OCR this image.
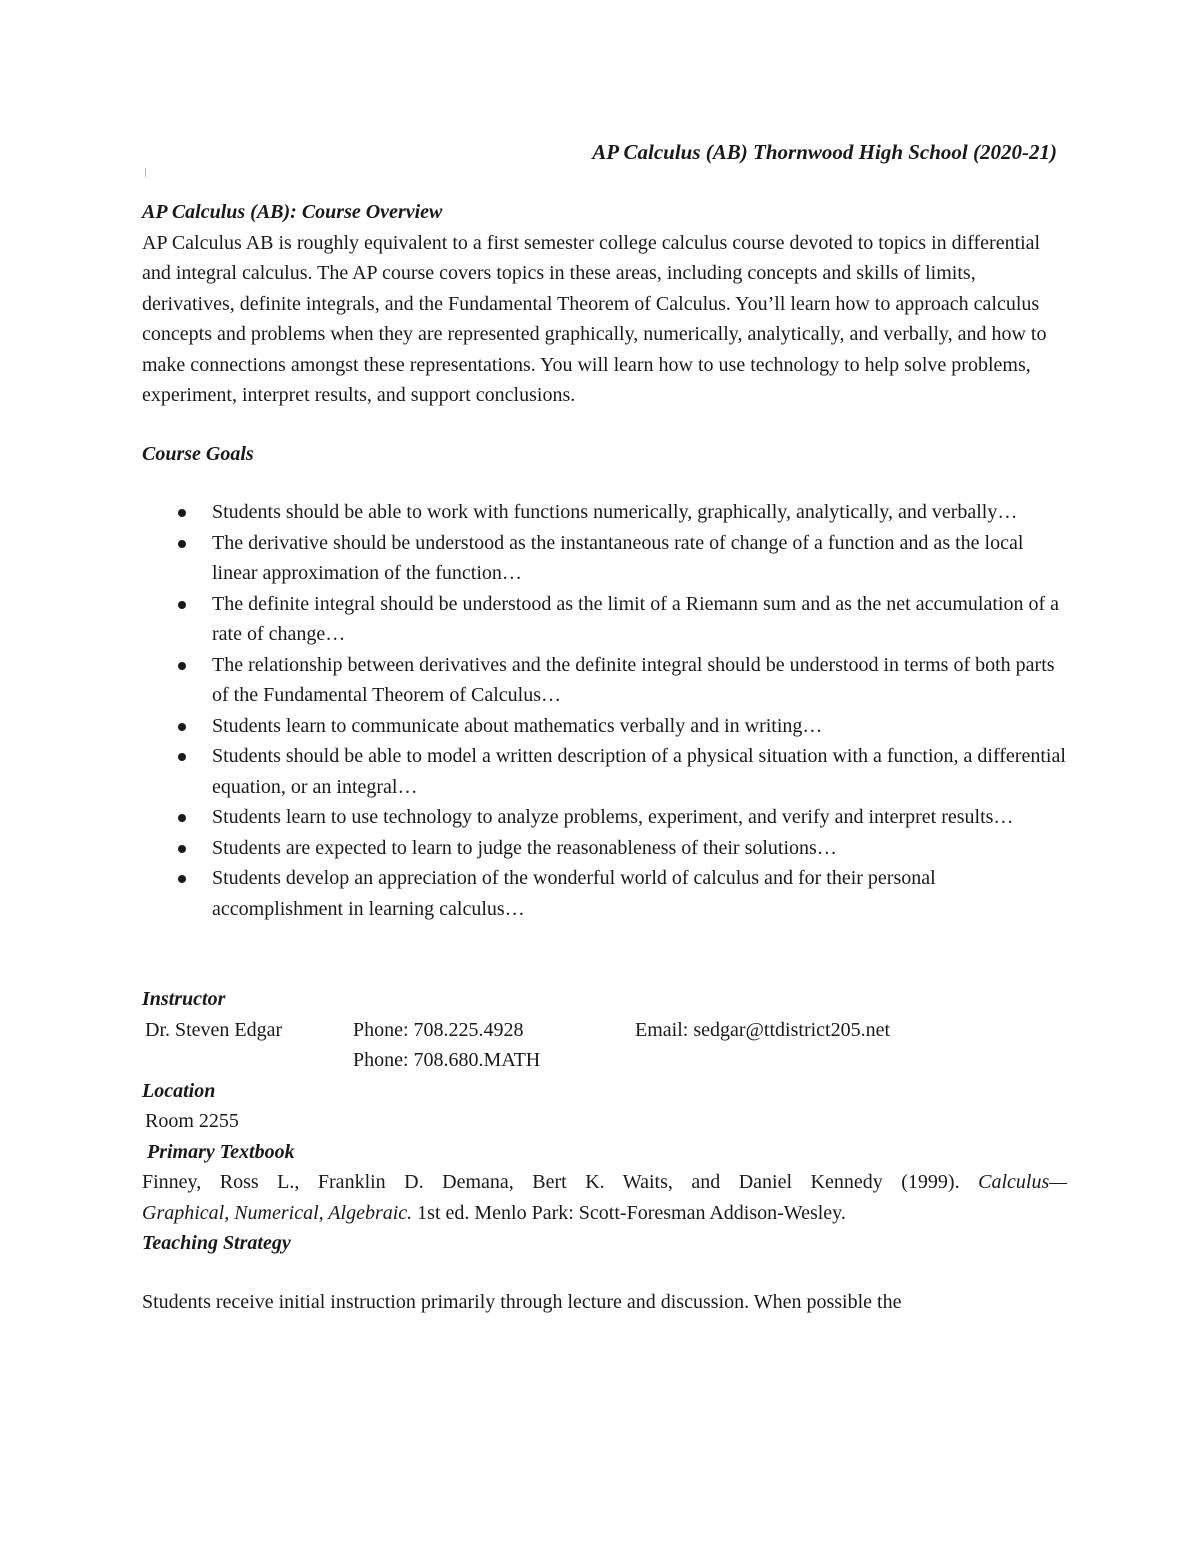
AP Calculus (AB) Thornwood High School (2020-21)

AP Calculus (AB): Course Overview

AP Calculus AB is roughly equivalent to a first semester college calculus course devoted to topics in differential and integral calculus. The AP course covers topics in these areas, including concepts and skills of limits, derivatives, definite integrals, and the Fundamental Theorem of Calculus. You’ll learn how to approach calculus concepts and problems when they are represented graphically, numerically, analytically, and verbally, and how to make connections amongst these representations. You will learn how to use technology to help solve problems, experiment, interpret results, and support conclusions.

Course Goals

Students should be able to work with functions numerically, graphically, analytically, and verbally…
The derivative should be understood as the instantaneous rate of change of a function and as the local linear approximation of the function…
The definite integral should be understood as the limit of a Riemann sum and as the net accumulation of a rate of change…
The relationship between derivatives and the definite integral should be understood in terms of both parts of the Fundamental Theorem of Calculus…
Students learn to communicate about mathematics verbally and in writing…
Students should be able to model a written description of a physical situation with a function, a differential equation, or an integral…
Students learn to use technology to analyze problems, experiment, and verify and interpret results…
Students are expected to learn to judge the reasonableness of their solutions…
Students develop an appreciation of the wonderful world of calculus and for their personal accomplishment in learning calculus…

Instructor

Dr. Steven Edgar	Phone: 708.225.4928	Email: sedgar@ttdistrict205.net
Phone: 708.680.MATH

Location

Room 2255

Primary Textbook

Finney, Ross L., Franklin D. Demana, Bert K. Waits, and Daniel Kennedy (1999). Calculus—
Graphical, Numerical, Algebraic. 1st ed. Menlo Park: Scott-Foresman Addison-Wesley.

Teaching Strategy

Students receive initial instruction primarily through lecture and discussion. When possible the
